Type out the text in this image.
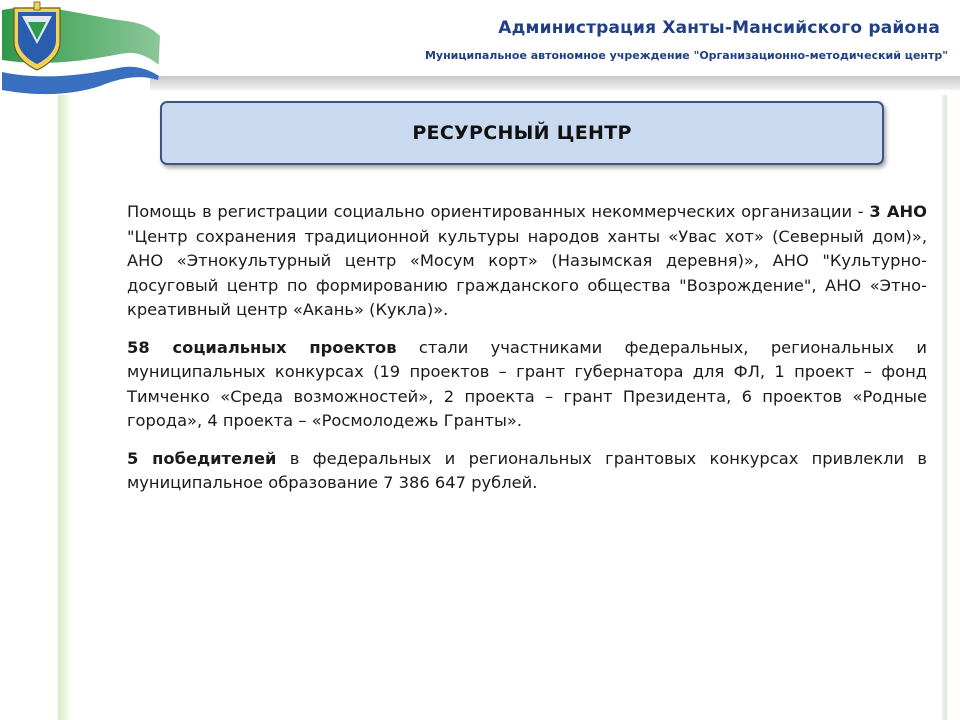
Администрация Ханты-Мансийского района
Муниципальное автономное учреждение "Организационно-методический центр"
РЕСУРСНЫЙ ЦЕНТР

Помощь в регистрации социально ориентированных некоммерческих организации - 3 АНО "Центр сохранения традиционной культуры народов ханты «Увас хот» (Северный дом)», АНО «Этнокультурный центр «Мосум корт» (Назымская деревня)», АНО "Культурно-досуговый центр по формированию гражданского общества "Возрождение", АНО «Этно-креативный центр «Акань» (Кукла)».

58 социальных проектов стали участниками федеральных, региональных и муниципальных конкурсах (19 проектов – грант губернатора для ФЛ, 1 проект – фонд Тимченко «Среда возможностей», 2 проекта – грант Президента, 6 проектов «Родные города», 4 проекта – «Росмолодежь Гранты».

5 победителей в федеральных и региональных грантовых конкурсах привлекли в муниципальное образование 7 386 647 рублей.
